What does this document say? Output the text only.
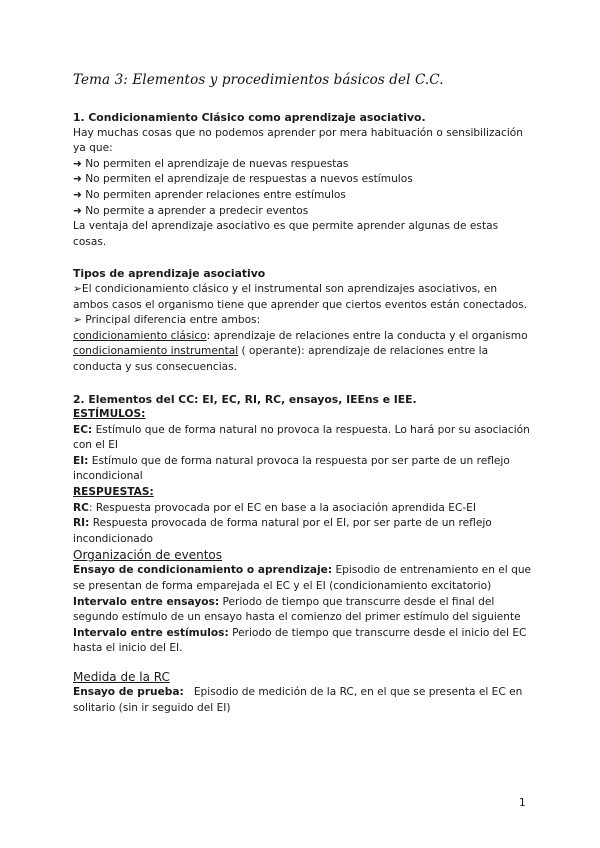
Tema 3: Elementos y procedimientos básicos del C.C.

1. Condicionamiento Clásico como aprendizaje asociativo.

Hay muchas cosas que no podemos aprender por mera habituación o sensibilización ya que:

➜ No permiten el aprendizaje de nuevas respuestas

➜ No permiten el aprendizaje de respuestas a nuevos estímulos

➜ No permiten aprender relaciones entre estímulos

➜ No permite a aprender a predecir eventos

La ventaja del aprendizaje asociativo es que permite aprender algunas de estas cosas.

Tipos de aprendizaje asociativo

➢El condicionamiento clásico y el instrumental son aprendizajes asociativos, en ambos casos el organismo tiene que aprender que ciertos eventos están conectados.

➢ Principal diferencia entre ambos:

condicionamiento clásico: aprendizaje de relaciones entre la conducta y el organismo

condicionamiento instrumental ( operante): aprendizaje de relaciones entre la conducta y sus consecuencias.

2. Elementos del CC: EI, EC, RI, RC, ensayos, IEEns e IEE.

ESTÍMULOS:

EC: Estímulo que de forma natural no provoca la respuesta. Lo hará por su asociación con el EI

EI: Estímulo que de forma natural provoca la respuesta por ser parte de un reflejo incondicional

RESPUESTAS:

RC: Respuesta provocada por el EC en base a la asociación aprendida EC-EI

RI: Respuesta provocada de forma natural por el EI, por ser parte de un reflejo incondicionado

Organización de eventos

Ensayo de condicionamiento o aprendizaje: Episodio de entrenamiento en el que se presentan de forma emparejada el EC y el EI (condicionamiento excitatorio)

Intervalo entre ensayos: Periodo de tiempo que transcurre desde el final del segundo estímulo de un ensayo hasta el comienzo del primer estímulo del siguiente

Intervalo entre estímulos: Periodo de tiempo que transcurre desde el inicio del EC hasta el inicio del EI.

Medida de la RC

Ensayo de prueba:   Episodio de medición de la RC, en el que se presenta el EC en solitario (sin ir seguido del EI)

1
